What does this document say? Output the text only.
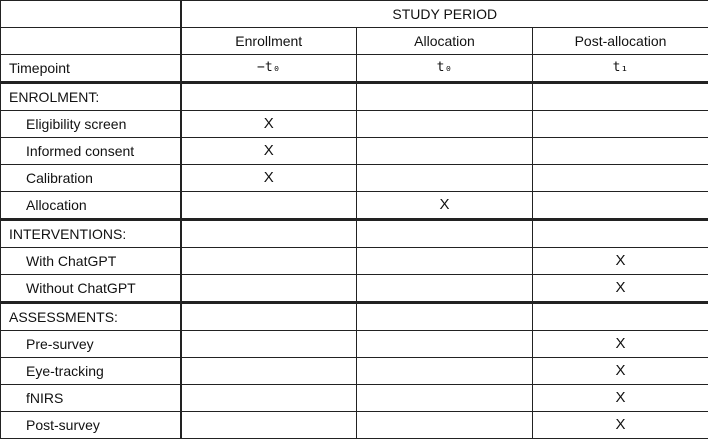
	STUDY PERIOD		
	Enrollment	Allocation	Post-allocation
Timepoint	−t₀	t₀	t₁
ENROLMENT:			
Eligibility screen	X		
Informed consent	X		
Calibration	X		
Allocation		X	
INTERVENTIONS:			
With ChatGPT			X
Without ChatGPT			X
ASSESSMENTS:			
Pre-survey			X
Eye-tracking			X
fNIRS			X
Post-survey			X
